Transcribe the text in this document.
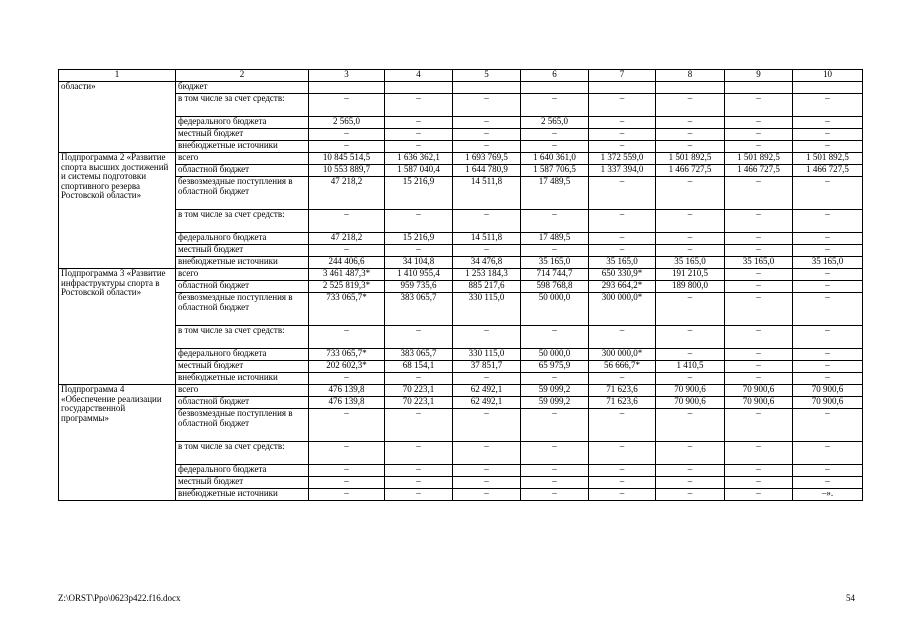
1	2	3	4	5	6	7	8	9	10
области»	бюджет								
	в том числе за счет средств:	–	–	–	–	–	–	–	–
	федерального бюджета	2 565,0	–	–	2 565,0	–	–	–	–
	местный бюджет	–	–	–	–	–	–	–	–
	внебюджетные источники	–	–	–	–	–	–	–	–
Подпрограмма 2 «Развитие спорта высших достижений и системы подготовки спортивного резерва Ростовской области»	всего	10 845 514,5	1 636 362,1	1 693 769,5	1 640 361,0	1 372 559,0	1 501 892,5	1 501 892,5	1 501 892,5
	областной бюджет	10 553 889,7	1 587 040,4	1 644 780,9	1 587 706,5	1 337 394,0	1 466 727,5	1 466 727,5	1 466 727,5
	безвозмездные поступления в областной бюджет	47 218,2	15 216,9	14 511,8	17 489,5	–	–	–	–
	в том числе за счет средств:	–	–	–	–	–	–	–	–
	федерального бюджета	47 218,2	15 216,9	14 511,8	17 489,5	–	–	–	–
	местный бюджет	–	–	–	–	–	–	–	–
	внебюджетные источники	244 406,6	34 104,8	34 476,8	35 165,0	35 165,0	35 165,0	35 165,0	35 165,0
Подпрограмма 3 «Развитие инфраструктуры спорта в Ростовской области»	всего	3 461 487,3*	1 410 955,4	1 253 184,3	714 744,7	650 330,9*	191 210,5	–	–
	областной бюджет	2 525 819,3*	959 735,6	885 217,6	598 768,8	293 664,2*	189 800,0	–	–
	безвозмездные поступления в областной бюджет	733 065,7*	383 065,7	330 115,0	50 000,0	300 000,0*	–	–	–
	в том числе за счет средств:	–	–	–	–	–	–	–	–
	федерального бюджета	733 065,7*	383 065,7	330 115,0	50 000,0	300 000,0*	–	–	–
	местный бюджет	202 602,3*	68 154,1	37 851,7	65 975,9	56 666,7*	1 410,5	–	–
	внебюджетные источники	–	–	–	–	–	–	–	–
Подпрограмма 4 «Обеспечение реализации государственной программы»	всего	476 139,8	70 223,1	62 492,1	59 099,2	71 623,6	70 900,6	70 900,6	70 900,6
	областной бюджет	476 139,8	70 223,1	62 492,1	59 099,2	71 623,6	70 900,6	70 900,6	70 900,6
	безвозмездные поступления в областной бюджет	–	–	–	–	–	–	–	–
	в том числе за счет средств:	–	–	–	–	–	–	–	–
	федерального бюджета	–	–	–	–	–	–	–	–
	местный бюджет	–	–	–	–	–	–	–	–
	внебюджетные источники	–	–	–	–	–	–	–	–».
Z:\ORST\Ppo\0623p422.f16.docx	54
